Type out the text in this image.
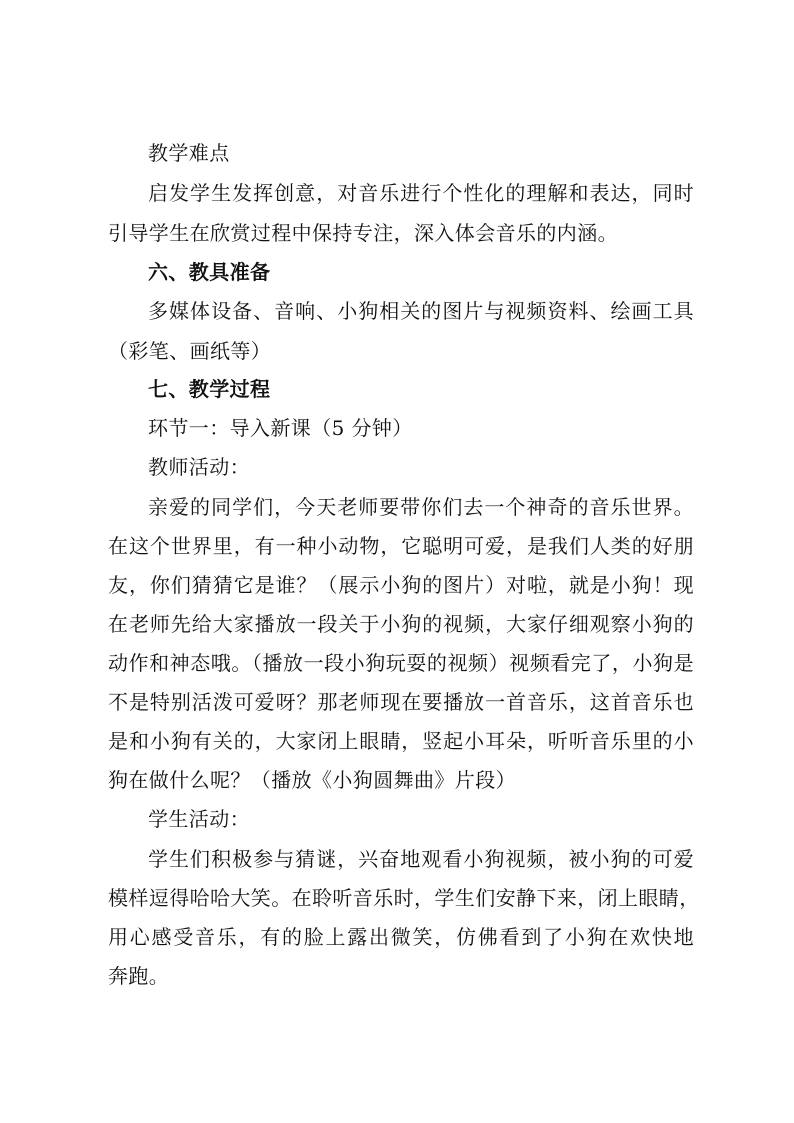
教学难点
启发学生发挥创意，对音乐进行个性化的理解和表达，同时
引导学生在欣赏过程中保持专注，深入体会音乐的内涵。
六、教具准备
多媒体设备、音响、小狗相关的图片与视频资料、绘画工具
（彩笔、画纸等）
七、教学过程
环节一：导入新课（5 分钟）
教师活动：
亲爱的同学们，今天老师要带你们去一个神奇的音乐世界。
在这个世界里，有一种小动物，它聪明可爱，是我们人类的好朋
友，你们猜猜它是谁？（展示小狗的图片）对啦，就是小狗！现
在老师先给大家播放一段关于小狗的视频，大家仔细观察小狗的
动作和神态哦。（播放一段小狗玩耍的视频）视频看完了，小狗是
不是特别活泼可爱呀？那老师现在要播放一首音乐，这首音乐也
是和小狗有关的，大家闭上眼睛，竖起小耳朵，听听音乐里的小
狗在做什么呢？（播放《小狗圆舞曲》片段）
学生活动：
学生们积极参与猜谜，兴奋地观看小狗视频，被小狗的可爱
模样逗得哈哈大笑。在聆听音乐时，学生们安静下来，闭上眼睛，
用心感受音乐，有的脸上露出微笑，仿佛看到了小狗在欢快地
奔跑。
